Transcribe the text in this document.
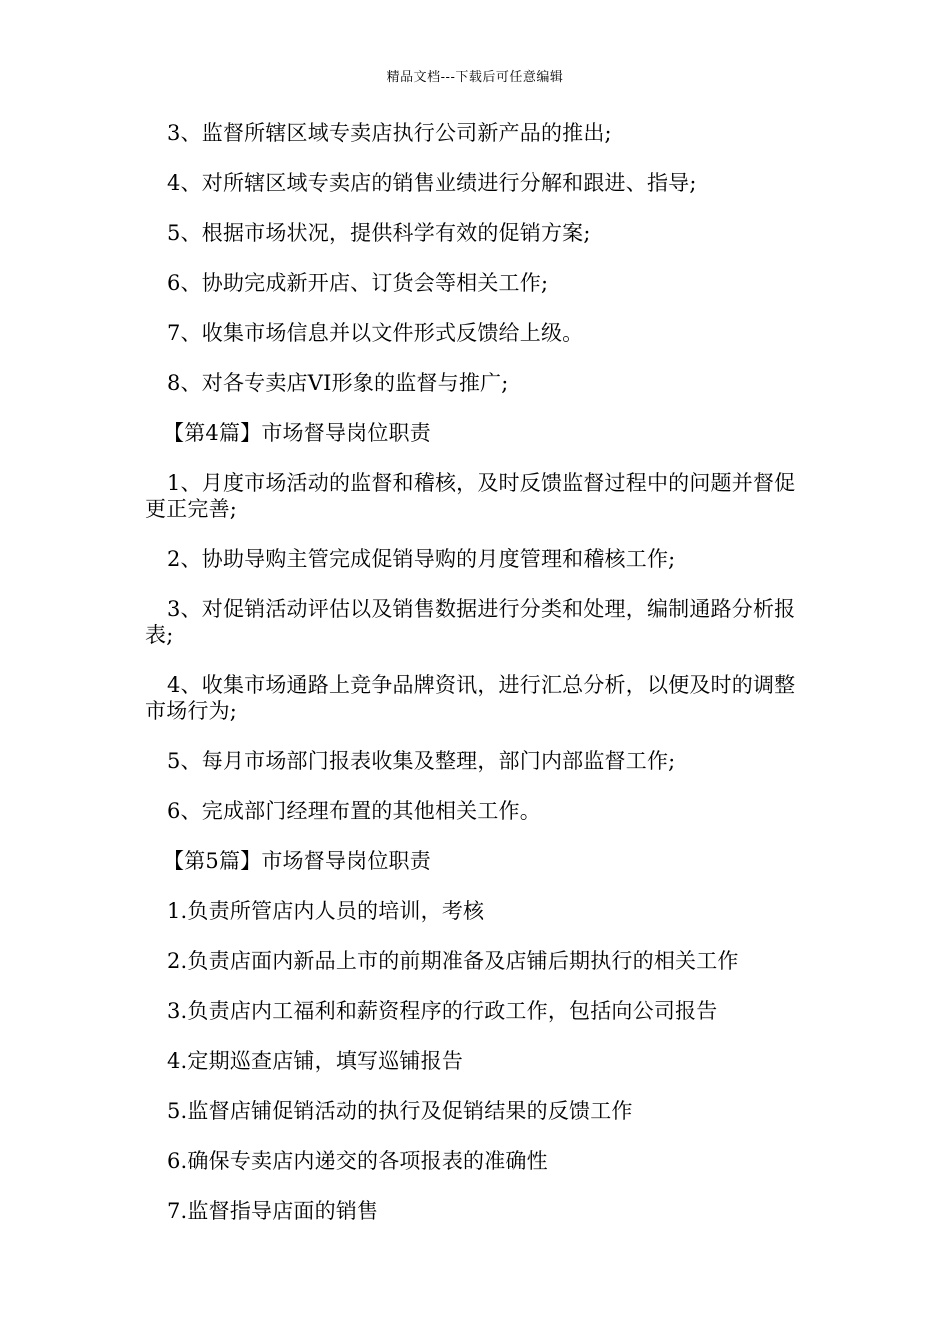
精品文档---下载后可任意编辑

3、监督所辖区域专卖店执行公司新产品的推出;

4、对所辖区域专卖店的销售业绩进行分解和跟进、指导;

5、根据市场状况，提供科学有效的促销方案;

6、协助完成新开店、订货会等相关工作;

7、收集市场信息并以文件形式反馈给上级。

8、对各专卖店VI形象的监督与推广;

【第4篇】市场督导岗位职责

1、月度市场活动的监督和稽核，及时反馈监督过程中的问题并督促更正完善;

2、协助导购主管完成促销导购的月度管理和稽核工作;

3、对促销活动评估以及销售数据进行分类和处理，编制通路分析报表;

4、收集市场通路上竞争品牌资讯，进行汇总分析，以便及时的调整市场行为;

5、每月市场部门报表收集及整理，部门内部监督工作;

6、完成部门经理布置的其他相关工作。

【第5篇】市场督导岗位职责

1.负责所管店内人员的培训，考核

2.负责店面内新品上市的前期准备及店铺后期执行的相关工作

3.负责店内工福利和薪资程序的行政工作，包括向公司报告

4.定期巡查店铺，填写巡铺报告

5.监督店铺促销活动的执行及促销结果的反馈工作

6.确保专卖店内递交的各项报表的准确性

7.监督指导店面的销售
